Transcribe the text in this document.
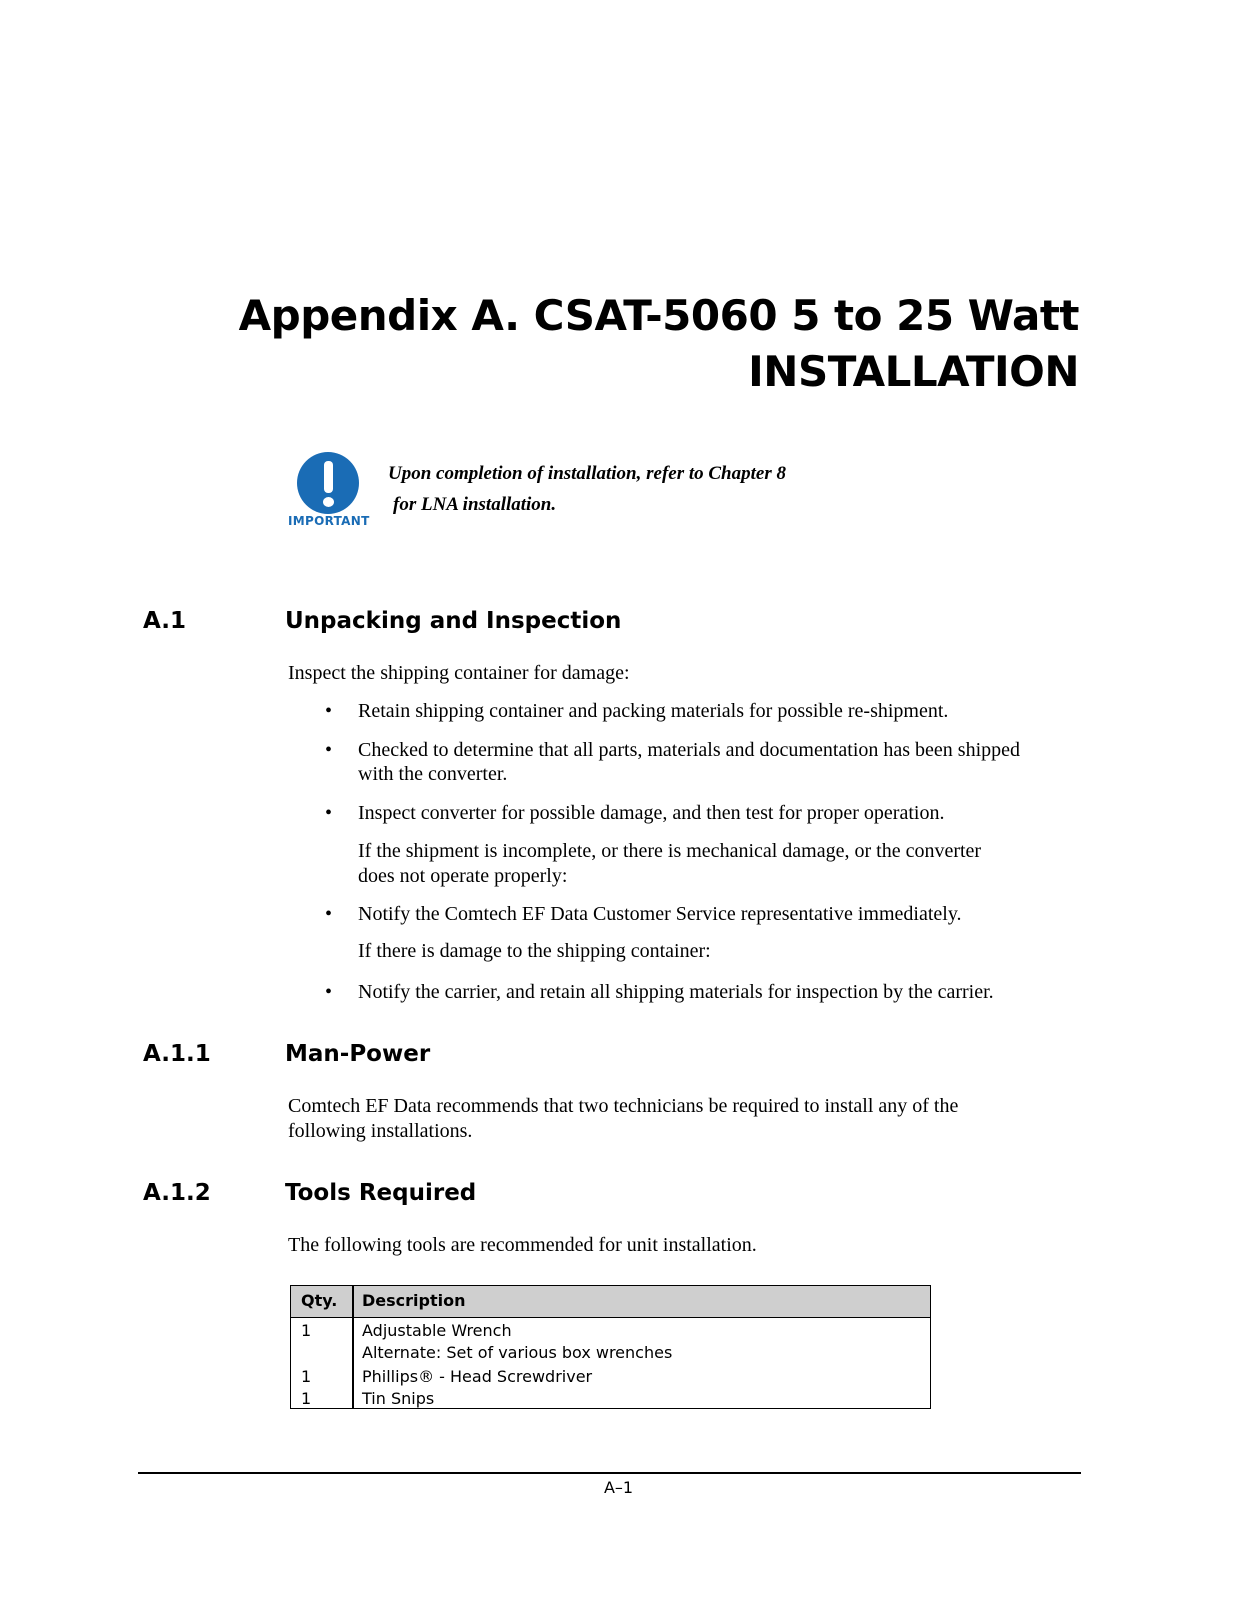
Appendix A. CSAT-5060 5 to 25 Watt
INSTALLATION
IMPORTANT
Upon completion of installation, refer to Chapter 8
for LNA installation.
A.1	Unpacking and Inspection
Inspect the shipping container for damage:
• Retain shipping container and packing materials for possible re-shipment.
• Checked to determine that all parts, materials and documentation has been shipped
with the converter.
• Inspect converter for possible damage, and then test for proper operation.
If the shipment is incomplete, or there is mechanical damage, or the converter
does not operate properly:
• Notify the Comtech EF Data Customer Service representative immediately.
If there is damage to the shipping container:
• Notify the carrier, and retain all shipping materials for inspection by the carrier.
A.1.1	Man-Power
Comtech EF Data recommends that two technicians be required to install any of the
following installations.
A.1.2	Tools Required
The following tools are recommended for unit installation.
Qty. Description
1	Adjustable Wrench
Alternate: Set of various box wrenches
1	Phillips® - Head Screwdriver
1	Tin Snips
A–1
